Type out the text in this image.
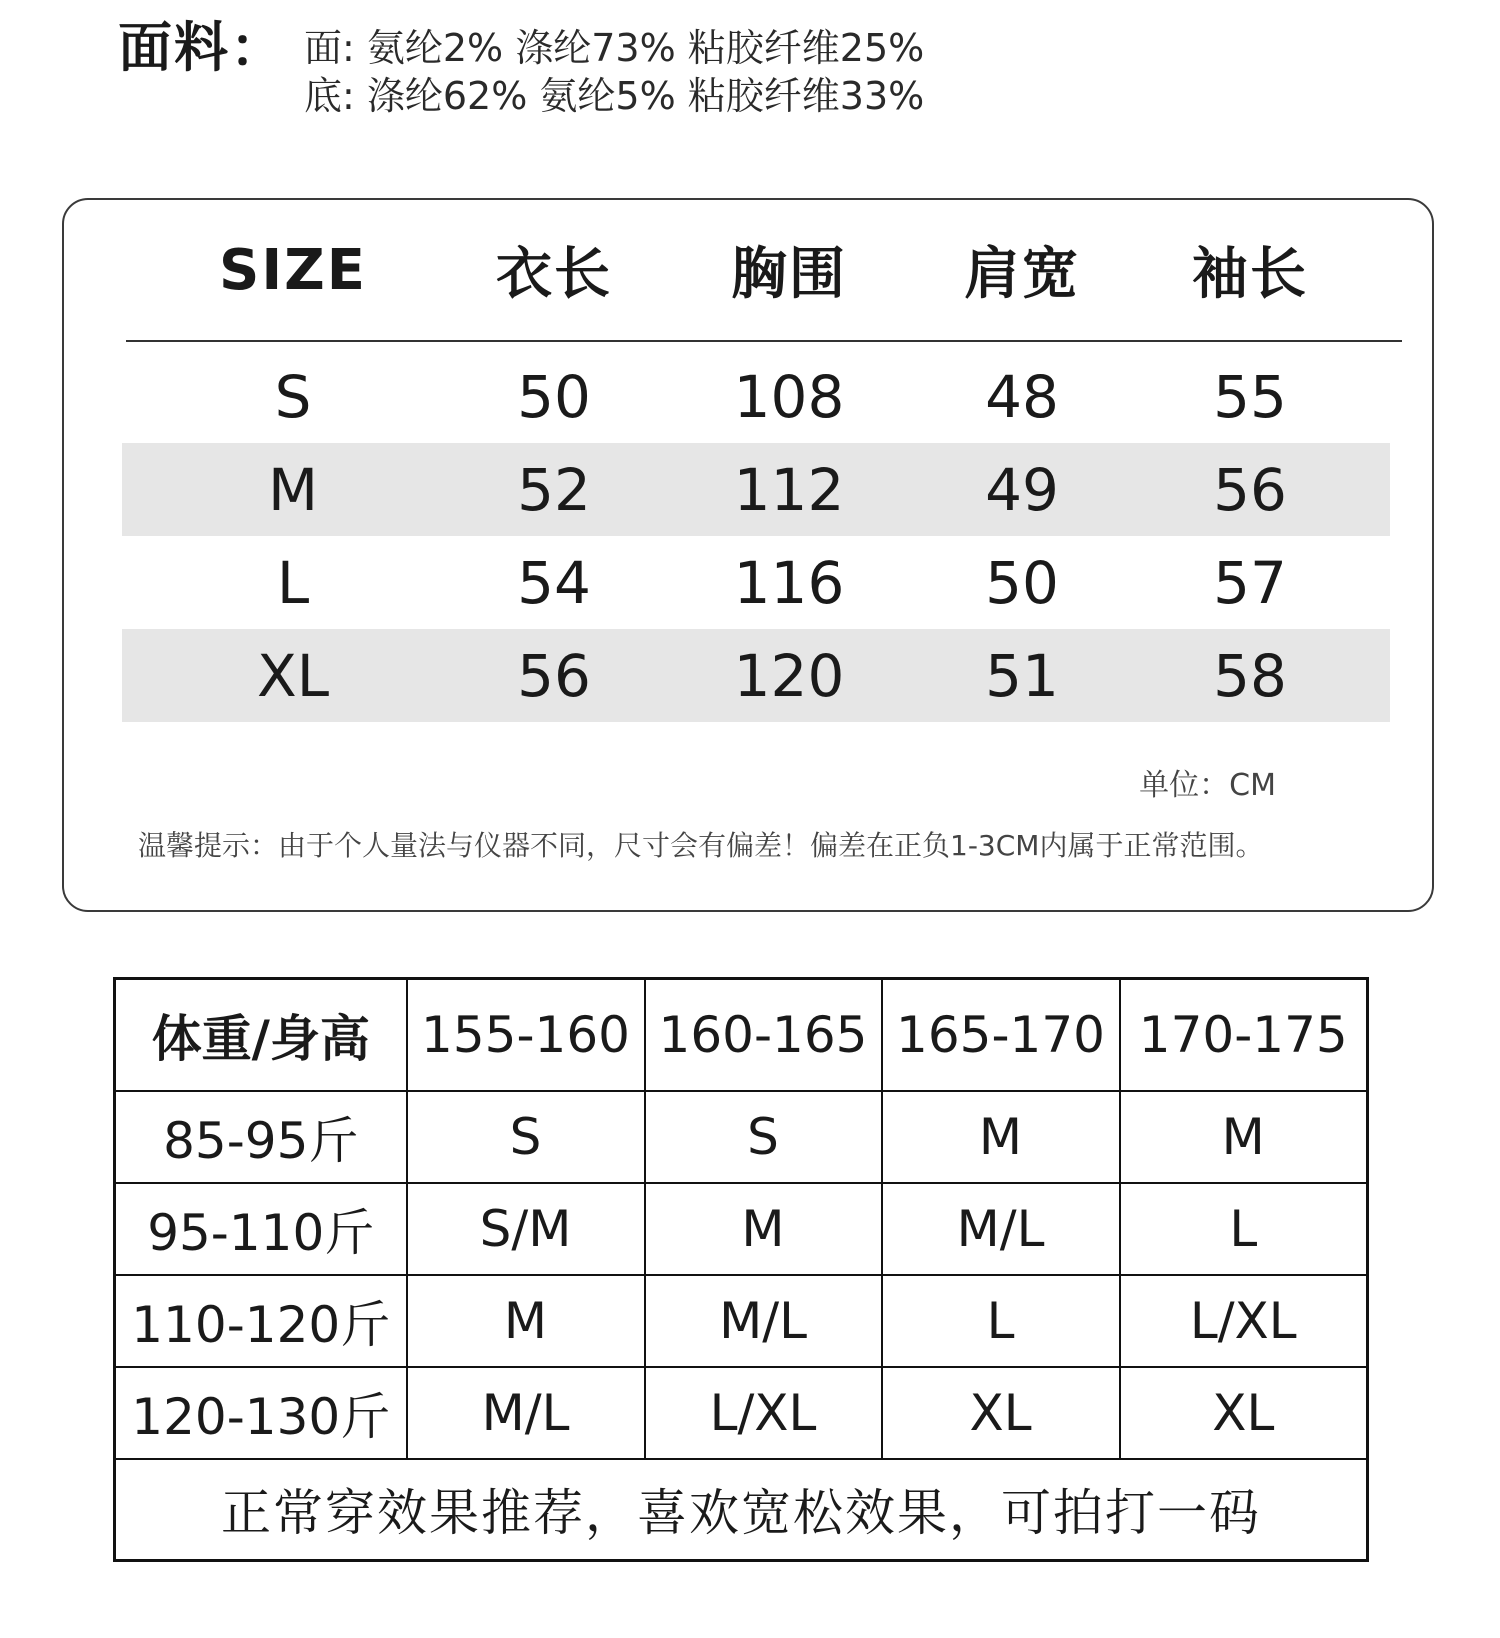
面料： 面: 氨纶2% 涤纶73% 粘胶纤维25%
底: 涤纶62% 氨纶5% 粘胶纤维33%
SIZE	衣长	胸围	肩宽	袖长
S	50	108	48	55
M	52	112	49	56
L	54	116	50	57
XL	56	120	51	58
单位：CM
温馨提示：由于个人量法与仪器不同，尺寸会有偏差！偏差在正负1-3CM内属于正常范围。
体重/身高	155-160	160-165	165-170	170-175
85-95斤	S	S	M	M
95-110斤	S/M	M	M/L	L
110-120斤	M	M/L	L	L/XL
120-130斤	M/L	L/XL	XL	XL
正常穿效果推荐，喜欢宽松效果，可拍打一码				
